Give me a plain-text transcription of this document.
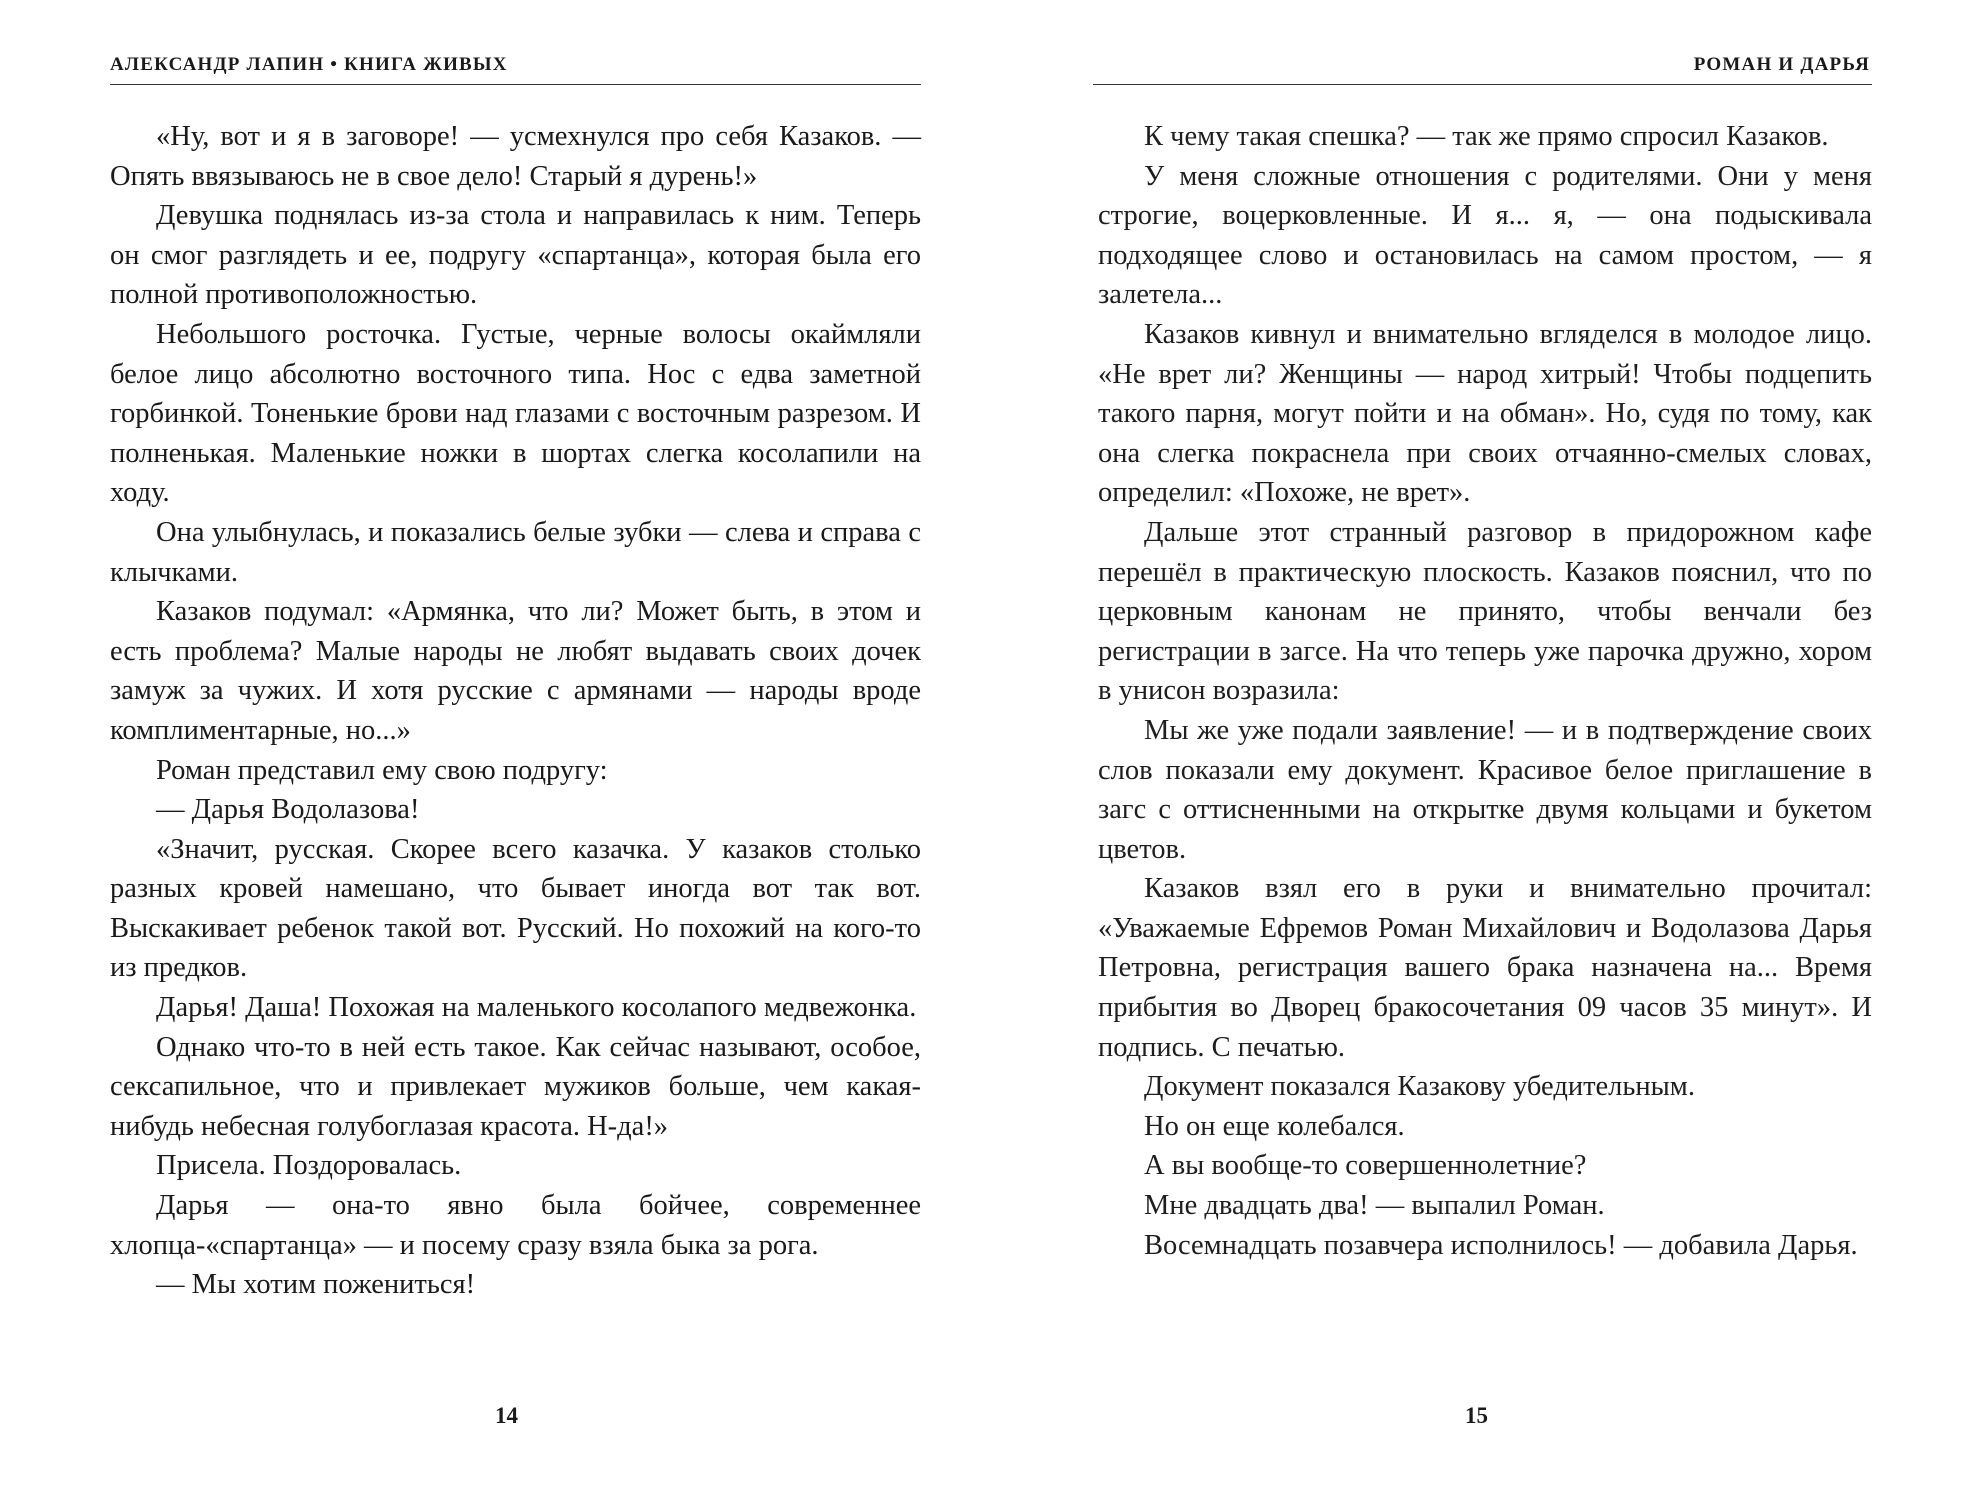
АЛЕКСАНДР ЛАПИН • КНИГА ЖИВЫХ

«Ну, вот и я в заговоре! — усмехнулся про себя Казаков. — Опять ввязываюсь не в свое дело! Старый я дурень!»

Девушка поднялась из-за стола и направилась к ним. Теперь он смог разглядеть и ее, подругу «спартанца», которая была его полной противоположностью.

Небольшого росточка. Густые, черные волосы окаймляли белое лицо абсолютно восточного типа. Нос с едва заметной горбинкой. Тоненькие брови над глазами с восточным разрезом. И полненькая. Маленькие ножки в шортах слегка косолапили на ходу.

Она улыбнулась, и показались белые зубки — слева и справа с клычками.

Казаков подумал: «Армянка, что ли? Может быть, в этом и есть проблема? Малые народы не любят выдавать своих дочек замуж за чужих. И хотя русские с армянами — народы вроде комплиментарные, но...»

Роман представил ему свою подругу:

— Дарья Водолазова!

«Значит, русская. Скорее всего казачка. У казаков столько разных кровей намешано, что бывает иногда вот так вот. Выскакивает ребенок такой вот. Русский. Но похожий на кого-то из предков.

Дарья! Даша! Похожая на маленького косолапого медвежонка.

Однако что-то в ней есть такое. Как сейчас называют, особое, сексапильное, что и привлекает мужиков больше, чем какая-нибудь небесная голубоглазая красота. Н-да!»

Присела. Поздоровалась.

Дарья — она-то явно была бойчее, современнее хлопца-«спартанца» — и посему сразу взяла быка за рога.

— Мы хотим пожениться!

14
РОМАН И ДАРЬЯ

К чему такая спешка? — так же прямо спросил Казаков.

У меня сложные отношения с родителями. Они у меня строгие, воцерковленные. И я... я, — она подыскивала подходящее слово и остановилась на самом простом, — я залетела...

Казаков кивнул и внимательно вгляделся в молодое лицо. «Не врет ли? Женщины — народ хитрый! Чтобы подцепить такого парня, могут пойти и на обман». Но, судя по тому, как она слегка покраснела при своих отчаянно-смелых словах, определил: «Похоже, не врет».

Дальше этот странный разговор в придорожном кафе перешёл в практическую плоскость. Казаков пояснил, что по церковным канонам не принято, чтобы венчали без регистрации в загсе. На что теперь уже парочка дружно, хором в унисон возразила:

Мы же уже подали заявление! — и в подтверждение своих слов показали ему документ. Красивое белое приглашение в загс с оттисненными на открытке двумя кольцами и букетом цветов.

Казаков взял его в руки и внимательно прочитал: «Уважаемые Ефремов Роман Михайлович и Водолазова Дарья Петровна, регистрация вашего брака назначена на... Время прибытия во Дворец бракосочетания 09 часов 35 минут». И подпись. С печатью.

Документ показался Казакову убедительным.

Но он еще колебался.

А вы вообще-то совершеннолетние?

Мне двадцать два! — выпалил Роман.

Восемнадцать позавчера исполнилось! — добавила Дарья.

15
